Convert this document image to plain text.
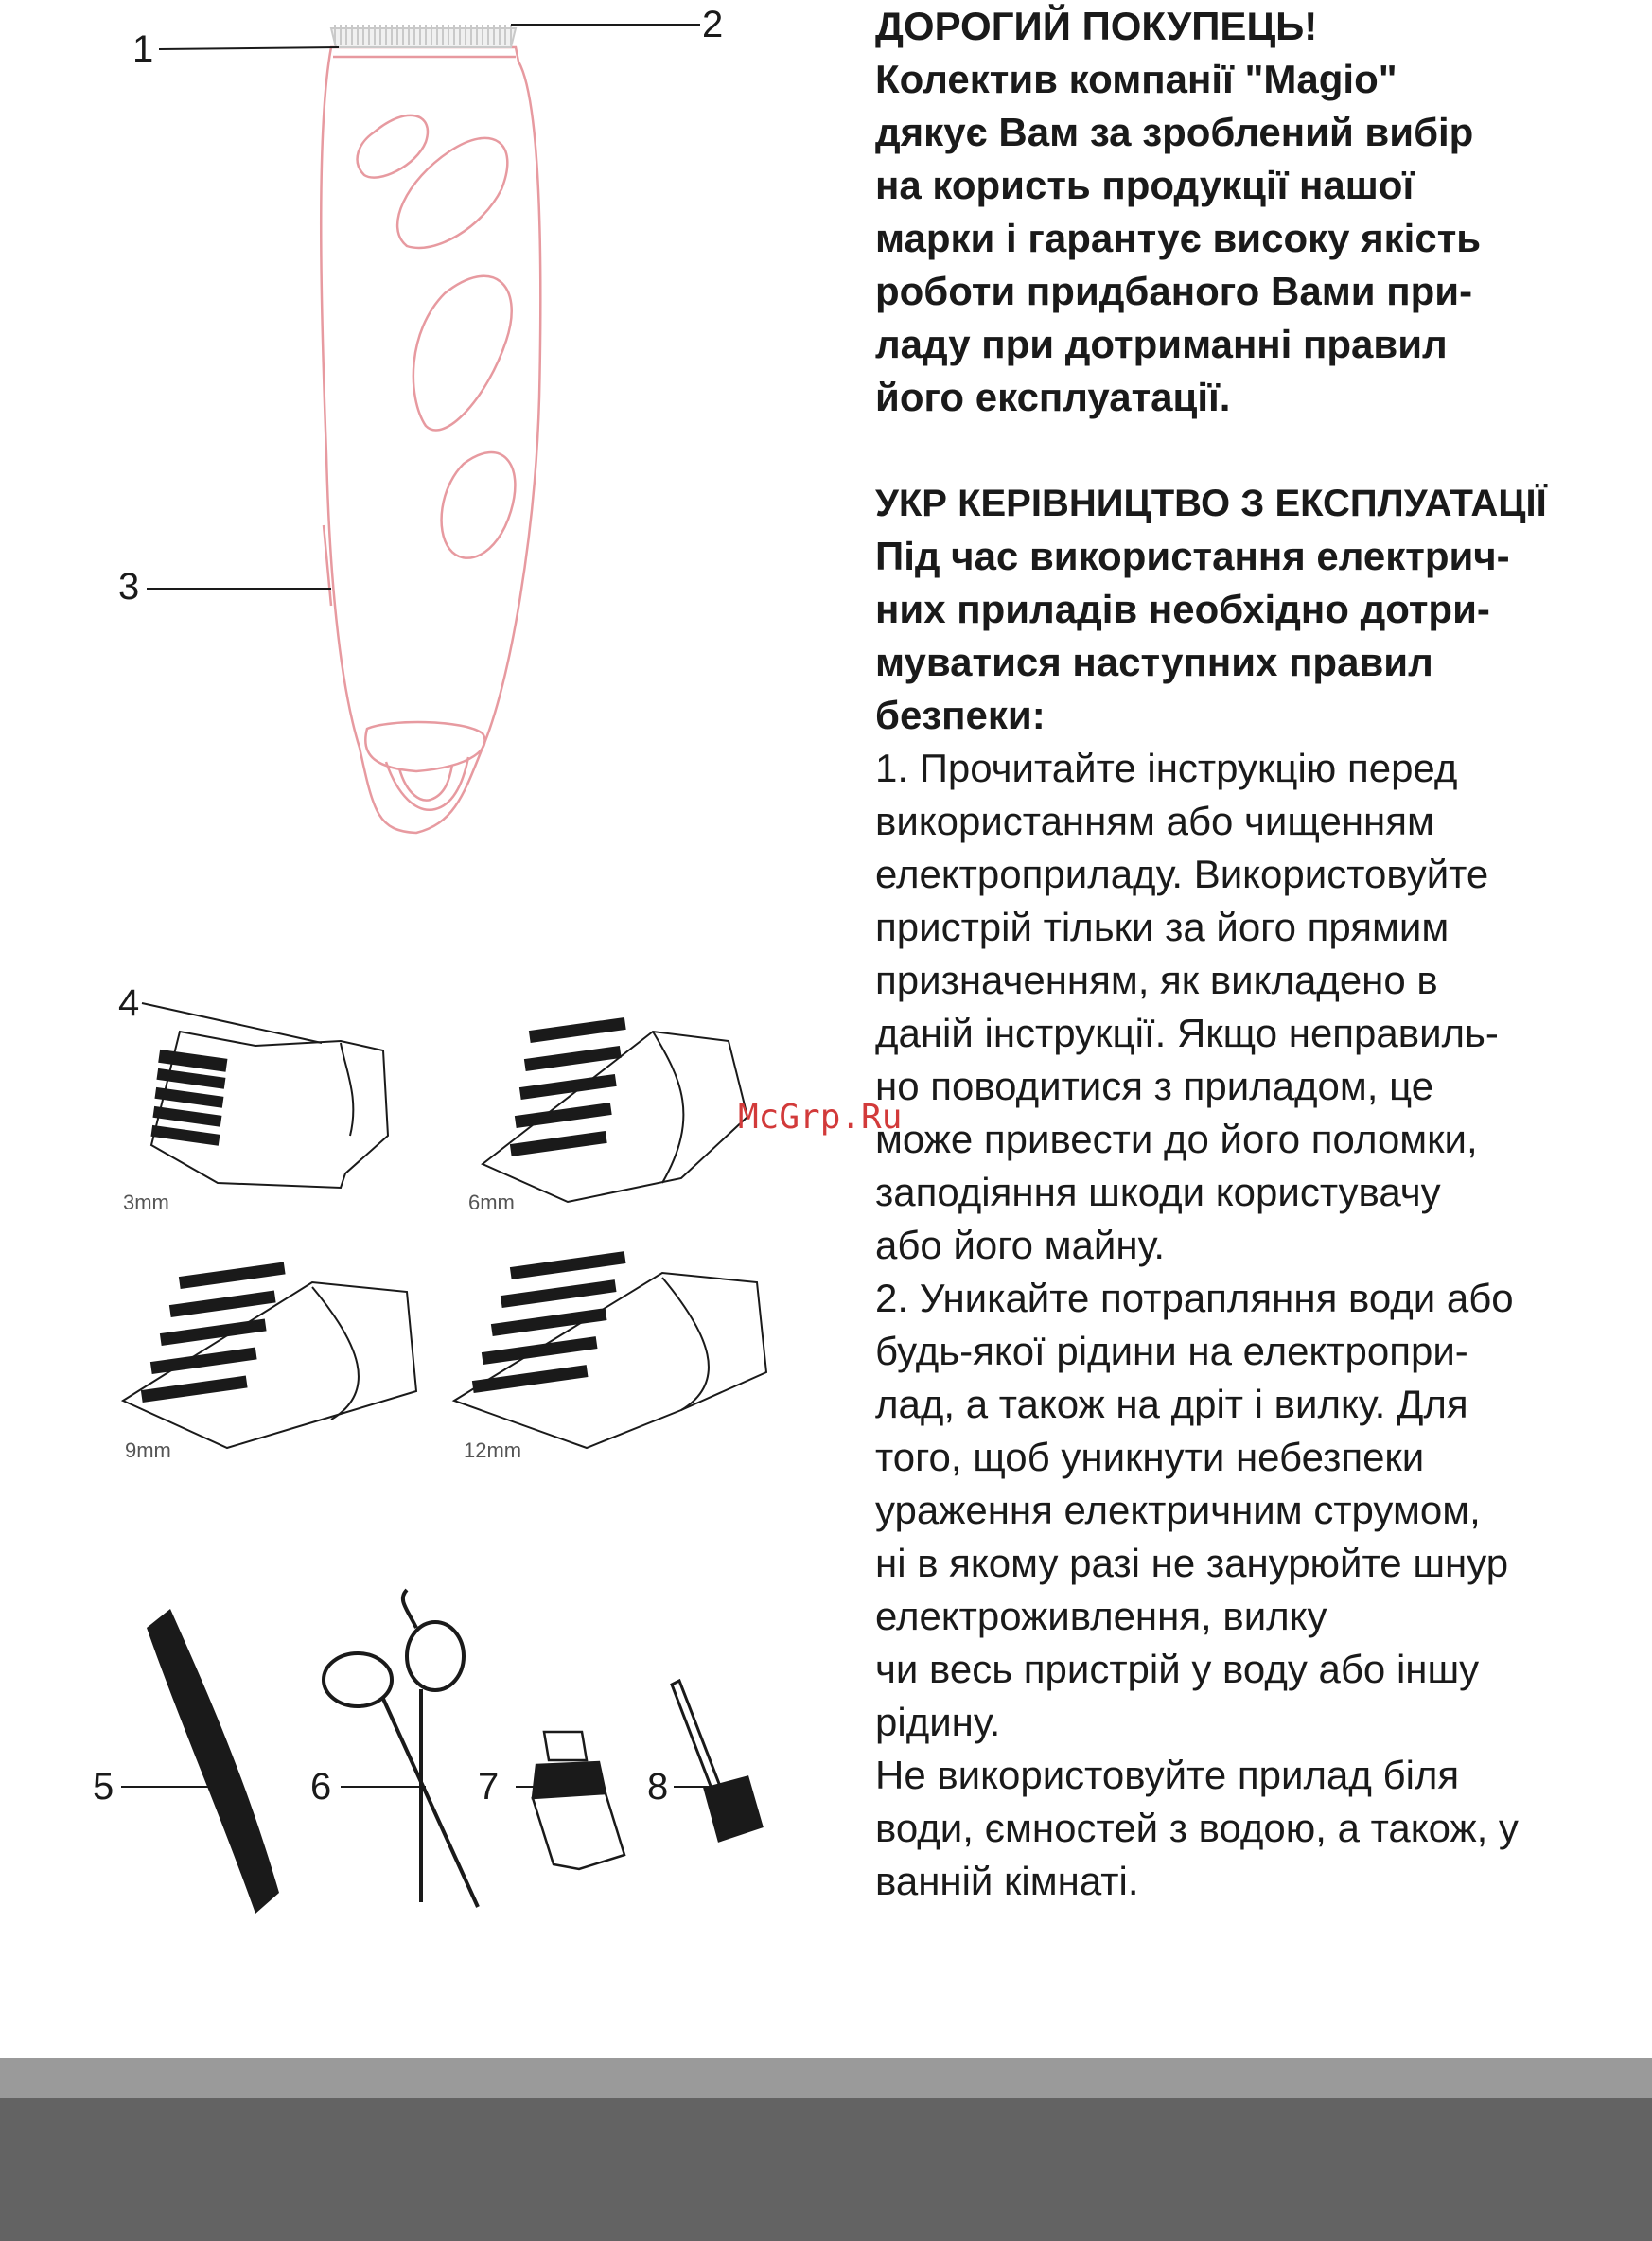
1
2
3
4
5	6	7	8
3mm	6mm
9mm	12mm

ДОРОГИЙ ПОКУПЕЦЬ!

Колектив компанії "Magio"

дякує Вам за зроблений вибір

на користь продукції нашої

марки і гарантує високу якість

роботи придбаного Вами при-

ладу при дотриманні правил

його експлуатації.

УКР КЕРІВНИЦТВО З ЕКСПЛУАТАЦІЇ

Під час використання електрич-

них приладів необхідно дотри-

муватися наступних правил

безпеки:

1. Прочитайте інструкцію перед

використанням або чищенням

електроприладу. Використовуйте

пристрій тільки за його прямим

призначенням, як викладено в

даній інструкції. Якщо неправиль-

но поводитися з приладом, це

може привести до його поломки,

заподіяння шкоди користувачу

або його майну.

2. Уникайте потрапляння води або

будь-якої рідини на електропри-

лад, а також на дріт і вилку. Для

того, щоб уникнути небезпеки

ураження електричним струмом,

ні в якому разі не занурюйте шнур

електроживлення, вилку

чи весь пристрій у воду або іншу

рідину.

Не використовуйте прилад біля

води, ємностей з водою, а також, у

ванній кімнаті.

McGrp.Ru
